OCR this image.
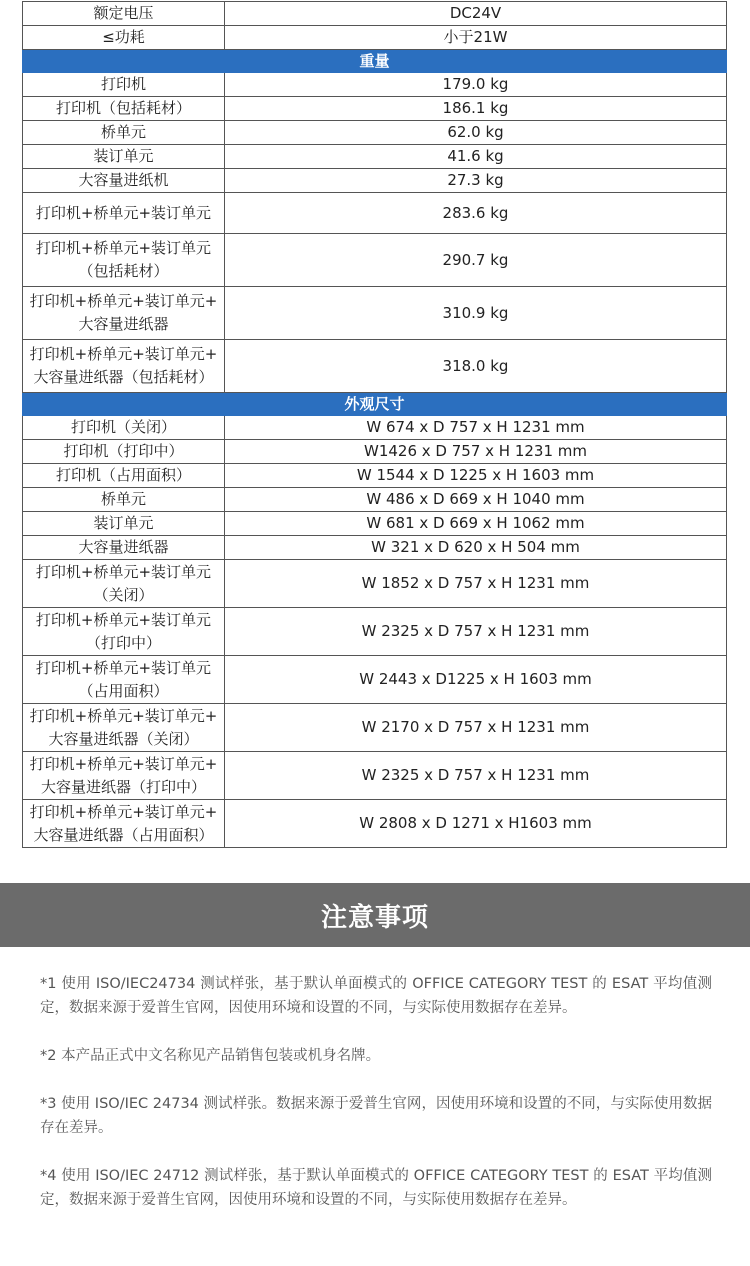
额定电压	DC24V
≤功耗	小于21W
重量	
打印机	179.0 kg
打印机（包括耗材）	186.1 kg
桥单元	62.0 kg
装订单元	41.6 kg
大容量进纸机	27.3 kg
打印机+桥单元+装订单元	283.6 kg
打印机+桥单元+装订单元
（包括耗材）	290.7 kg
打印机+桥单元+装订单元+
大容量进纸器	310.9 kg
打印机+桥单元+装订单元+
大容量进纸器（包括耗材）	318.0 kg
外观尺寸	
打印机（关闭）	W 674 x D 757 x H 1231 mm
打印机（打印中）	W1426 x D 757 x H 1231 mm
打印机（占用面积）	W 1544 x D 1225 x H 1603 mm
桥单元	W 486 x D 669 x H 1040 mm
装订单元	W 681 x D 669 x H 1062 mm
大容量进纸器	W 321 x D 620 x H 504 mm
打印机+桥单元+装订单元
（关闭）	W 1852 x D 757 x H 1231 mm
打印机+桥单元+装订单元
（打印中）	W 2325 x D 757 x H 1231 mm
打印机+桥单元+装订单元
（占用面积）	W 2443 x D1225 x H 1603 mm
打印机+桥单元+装订单元+
大容量进纸器（关闭）	W 2170 x D 757 x H 1231 mm
打印机+桥单元+装订单元+
大容量进纸器（打印中）	W 2325 x D 757 x H 1231 mm
打印机+桥单元+装订单元+
大容量进纸器（占用面积）	W 2808 x D 1271 x H1603 mm
注意事项

*1 使用 ISO/IEC24734 测试样张，基于默认单面模式的 OFFICE CATEGORY TEST 的 ESAT 平均值测定，数据来源于爱普生官网，因使用环境和设置的不同，与实际使用数据存在差异。

*2 本产品正式中文名称见产品销售包装或机身名牌。

*3 使用 ISO/IEC 24734 测试样张。数据来源于爱普生官网，因使用环境和设置的不同，与实际使用数据存在差异。

*4 使用 ISO/IEC 24712 测试样张，基于默认单面模式的 OFFICE CATEGORY TEST 的 ESAT 平均值测定，数据来源于爱普生官网，因使用环境和设置的不同，与实际使用数据存在差异。
